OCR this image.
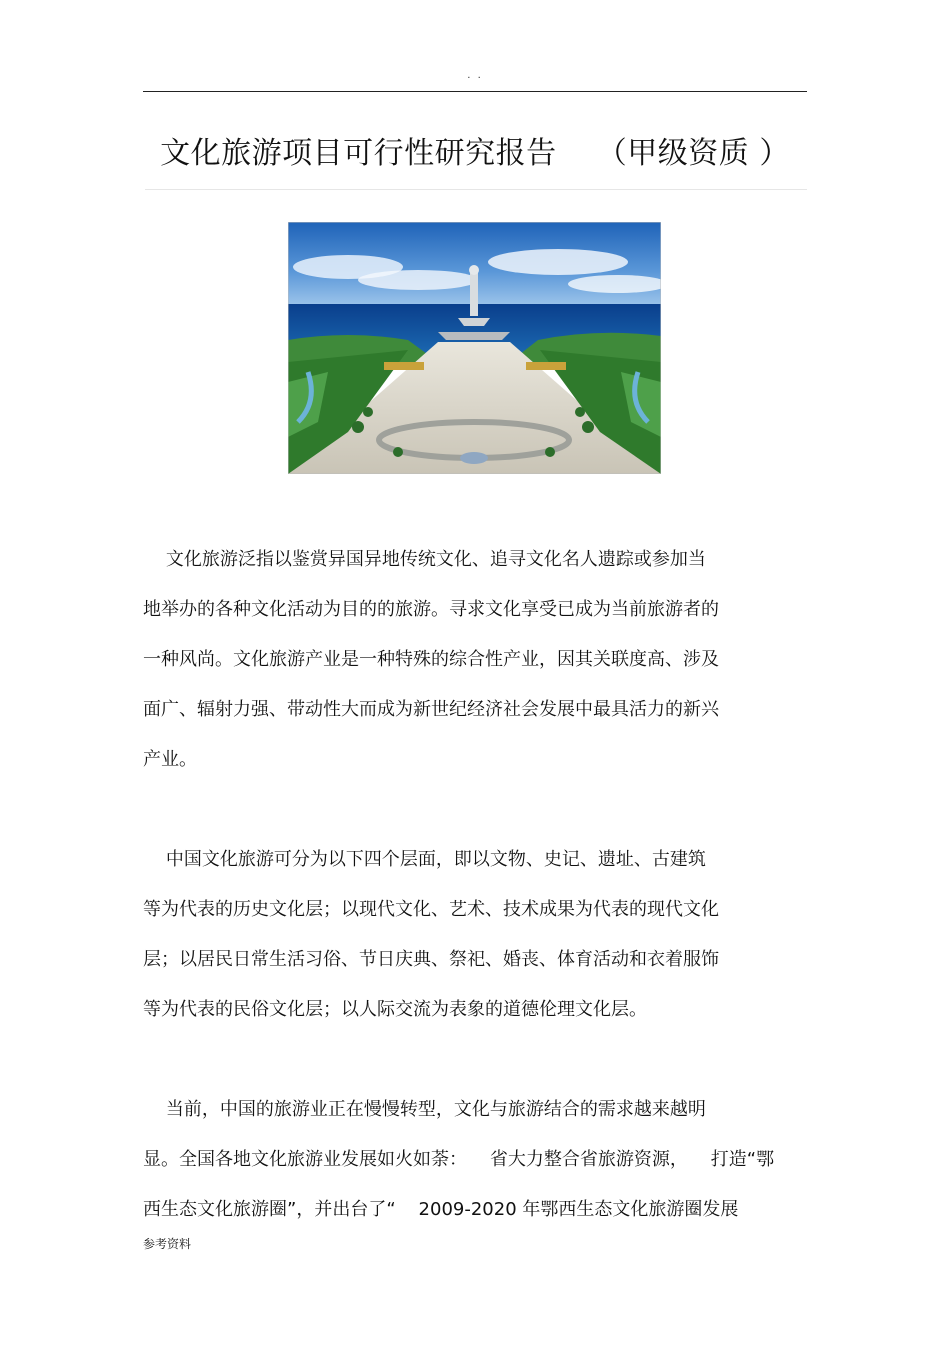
. .
文化旅游项目可行性研究报告    （甲级资质 ）
文化旅游泛指以鉴赏异国异地传统文化、追寻文化名人遗踪或参加当
地举办的各种文化活动为目的的旅游。寻求文化享受已成为当前旅游者的
一种风尚。文化旅游产业是一种特殊的综合性产业，因其关联度高、涉及
面广、辐射力强、带动性大而成为新世纪经济社会发展中最具活力的新兴
产业。
中国文化旅游可分为以下四个层面，即以文物、史记、遗址、古建筑
等为代表的历史文化层；以现代文化、艺术、技术成果为代表的现代文化
层；以居民日常生活习俗、节日庆典、祭祀、婚丧、体育活动和衣着服饰
等为代表的民俗文化层；以人际交流为表象的道德伦理文化层。
当前，中国的旅游业正在慢慢转型，文化与旅游结合的需求越来越明
显。全国各地文化旅游业发展如火如荼：    省大力整合省旅游资源，    打造“鄂
西生态文化旅游圈”，并出台了“    2009-2020 年鄂西生态文化旅游圈发展
参考资料
